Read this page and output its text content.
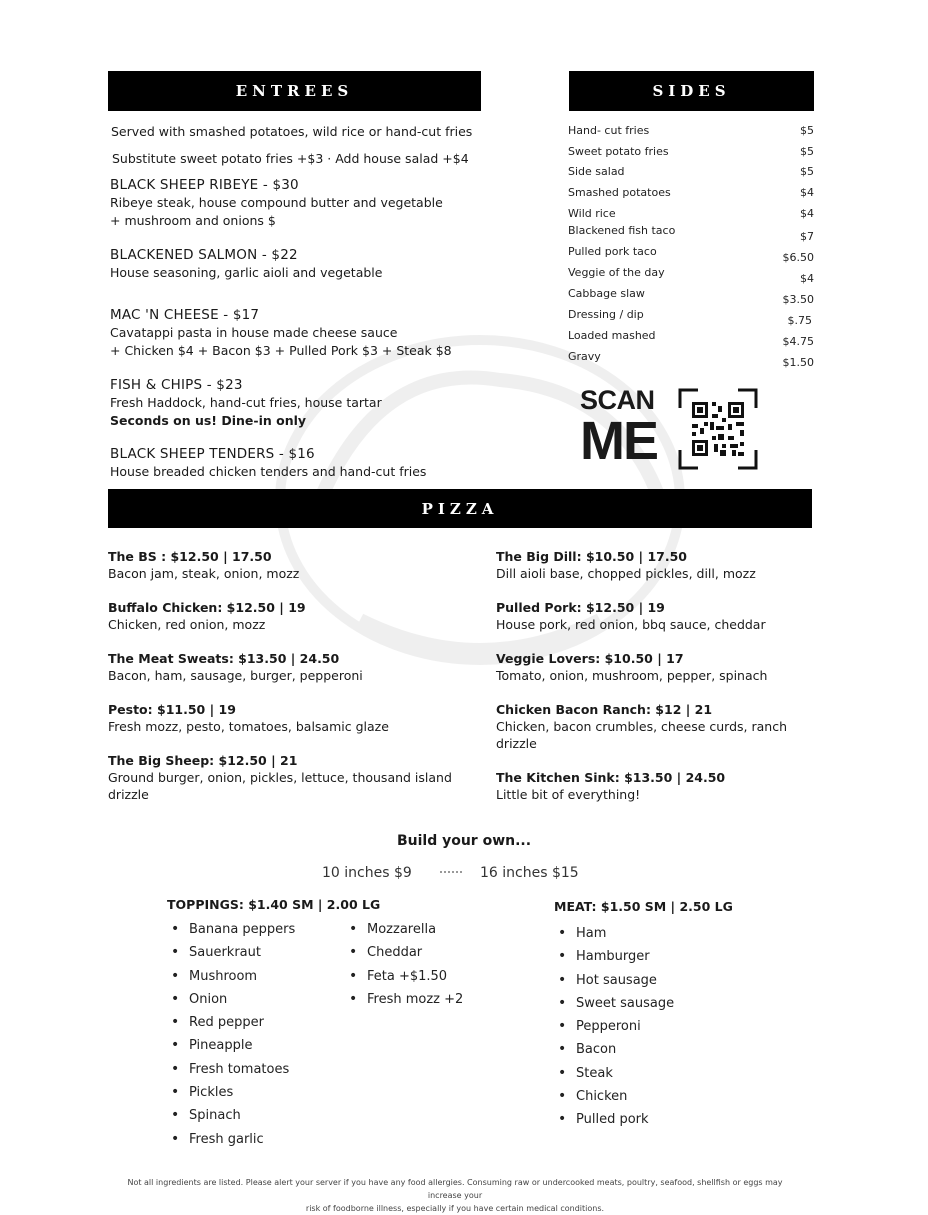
ENTREES	SIDES
Served with smashed potatoes, wild rice or hand-cut fries
Substitute sweet potato fries +$3 · Add house salad +$4
BLACK SHEEP RIBEYE - $30
Ribeye steak, house compound butter and vegetable
+ mushroom and onions $
BLACKENED SALMON - $22
House seasoning, garlic aioli and vegetable
MAC 'N CHEESE - $17
Cavatappi pasta in house made cheese sauce
+ Chicken $4 + Bacon $3 + Pulled Pork $3 + Steak $8
FISH & CHIPS - $23
Fresh Haddock, hand-cut fries, house tartar
Seconds on us! Dine-in only
BLACK SHEEP TENDERS - $16
House breaded chicken tenders and hand-cut fries
Hand- cut fries	$5
Sweet potato fries	$5
Side salad	$5
Smashed potatoes	$4
Wild rice	$4
Blackened fish taco	$7
Pulled pork taco	$6.50
Veggie of the day	$4
Cabbage slaw	$3.50
Dressing / dip	$.75
Loaded mashed	$4.75
Gravy	$1.50
SCAN
ME
PIZZA
The BS : $12.50 | 17.50
Bacon jam, steak, onion, mozz
Buffalo Chicken: $12.50 | 19
Chicken, red onion, mozz
The Meat Sweats: $13.50 | 24.50
Bacon, ham, sausage, burger, pepperoni
Pesto: $11.50 | 19
Fresh mozz, pesto, tomatoes, balsamic glaze
The Big Sheep: $12.50 | 21
Ground burger, onion, pickles, lettuce, thousand island drizzle
The Big Dill: $10.50 | 17.50
Dill aioli base, chopped pickles, dill, mozz
Pulled Pork: $12.50 | 19
House pork, red onion, bbq sauce, cheddar
Veggie Lovers: $10.50 | 17
Tomato, onion, mushroom, pepper, spinach
Chicken Bacon Ranch: $12 | 21
Chicken, bacon crumbles, cheese curds, ranch drizzle
The Kitchen Sink: $13.50 | 24.50
Little bit of everything!
Build your own...
10 inches $9	16 inches $15
TOPPINGS: $1.40 SM | 2.00 LG	MEAT: $1.50 SM | 2.50 LG
• Banana peppers
• Sauerkraut
• Mushroom
• Onion
• Red pepper
• Pineapple
• Fresh tomatoes
• Pickles
• Spinach
• Fresh garlic
• Mozzarella
• Cheddar
• Feta +$1.50
• Fresh mozz +2
• Ham
• Hamburger
• Hot sausage
• Sweet sausage
• Pepperoni
• Bacon
• Steak
• Chicken
• Pulled pork
Not all ingredients are listed. Please alert your server if you have any food allergies. Consuming raw or undercooked meats, poultry, seafood, shellfish or eggs may increase your
risk of foodborne illness, especially if you have certain medical conditions.
